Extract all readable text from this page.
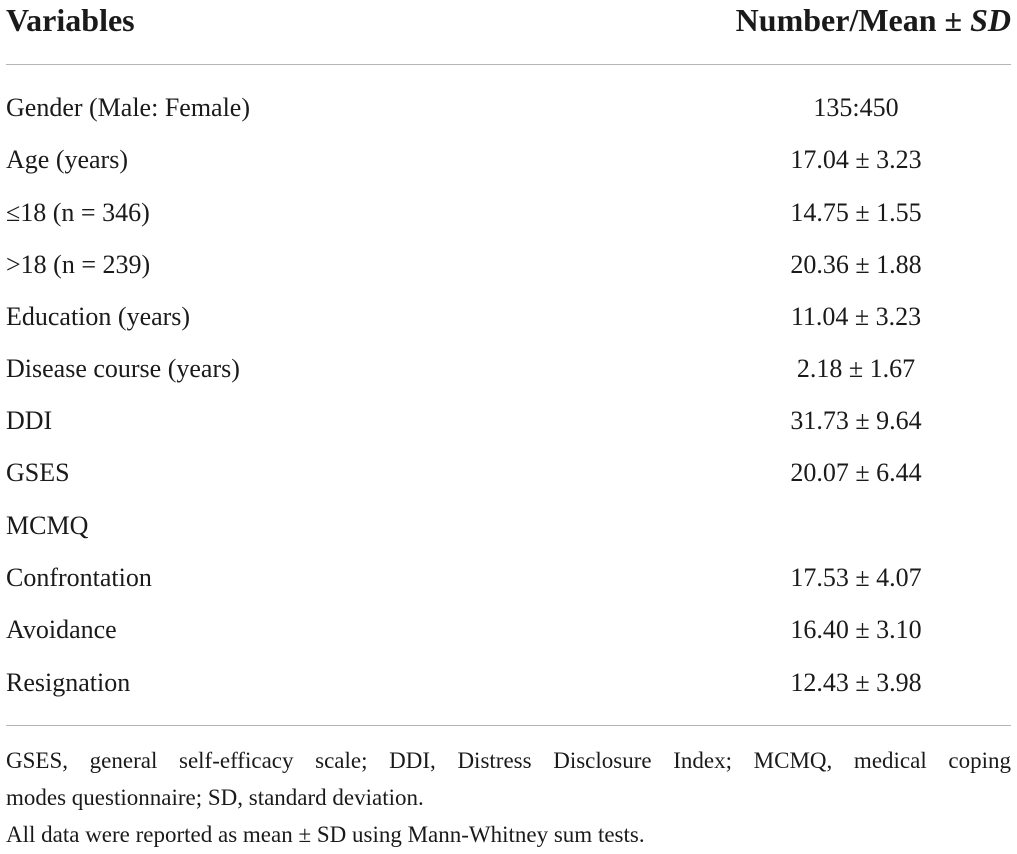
Variables	Number/Mean ± SD
Gender (Male: Female)	135:450
Age (years)	17.04 ± 3.23
≤18 (n = 346)	14.75 ± 1.55
>18 (n = 239)	20.36 ± 1.88
Education (years)	11.04 ± 3.23
Disease course (years)	2.18 ± 1.67
DDI	31.73 ± 9.64
GSES	20.07 ± 6.44
MCMQ
Confrontation	17.53 ± 4.07
Avoidance	16.40 ± 3.10
Resignation	12.43 ± 3.98
GSES, general self-efficacy scale; DDI, Distress Disclosure Index; MCMQ, medical coping
modes questionnaire; SD, standard deviation.
All data were reported as mean ± SD using Mann-Whitney sum tests.
